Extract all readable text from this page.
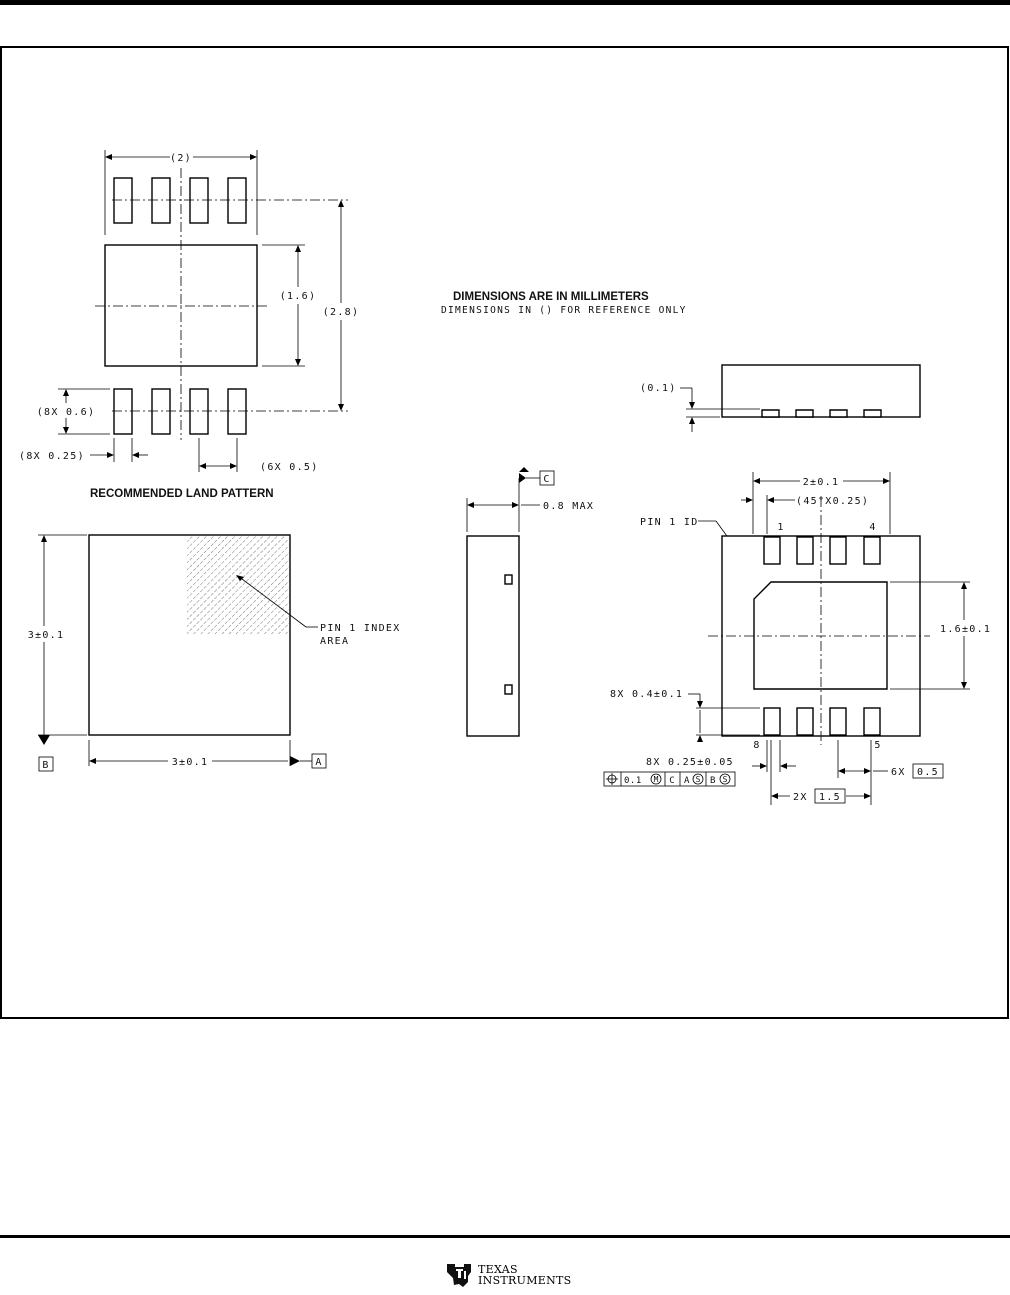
(2)
(1.6)
(2.8)
(8X 0.6)
(8X 0.25)
(6X 0.5)
RECOMMENDED LAND PATTERN
DIMENSIONS ARE IN MILLIMETERS
DIMENSIONS IN () FOR REFERENCE ONLY
PIN 1 INDEX
AREA
3±0.1
B	3±0.1	A
C
0.8 MAX
(0.1)
2±0.1
(45°X0.25)
PIN 1 ID	1	4
1.6±0.1
8X 0.4±0.1
8	5
8X 0.25±0.05
0.1 M C A S B S
6X 0.5
2X 1.5
TEXAS
INSTRUMENTS
